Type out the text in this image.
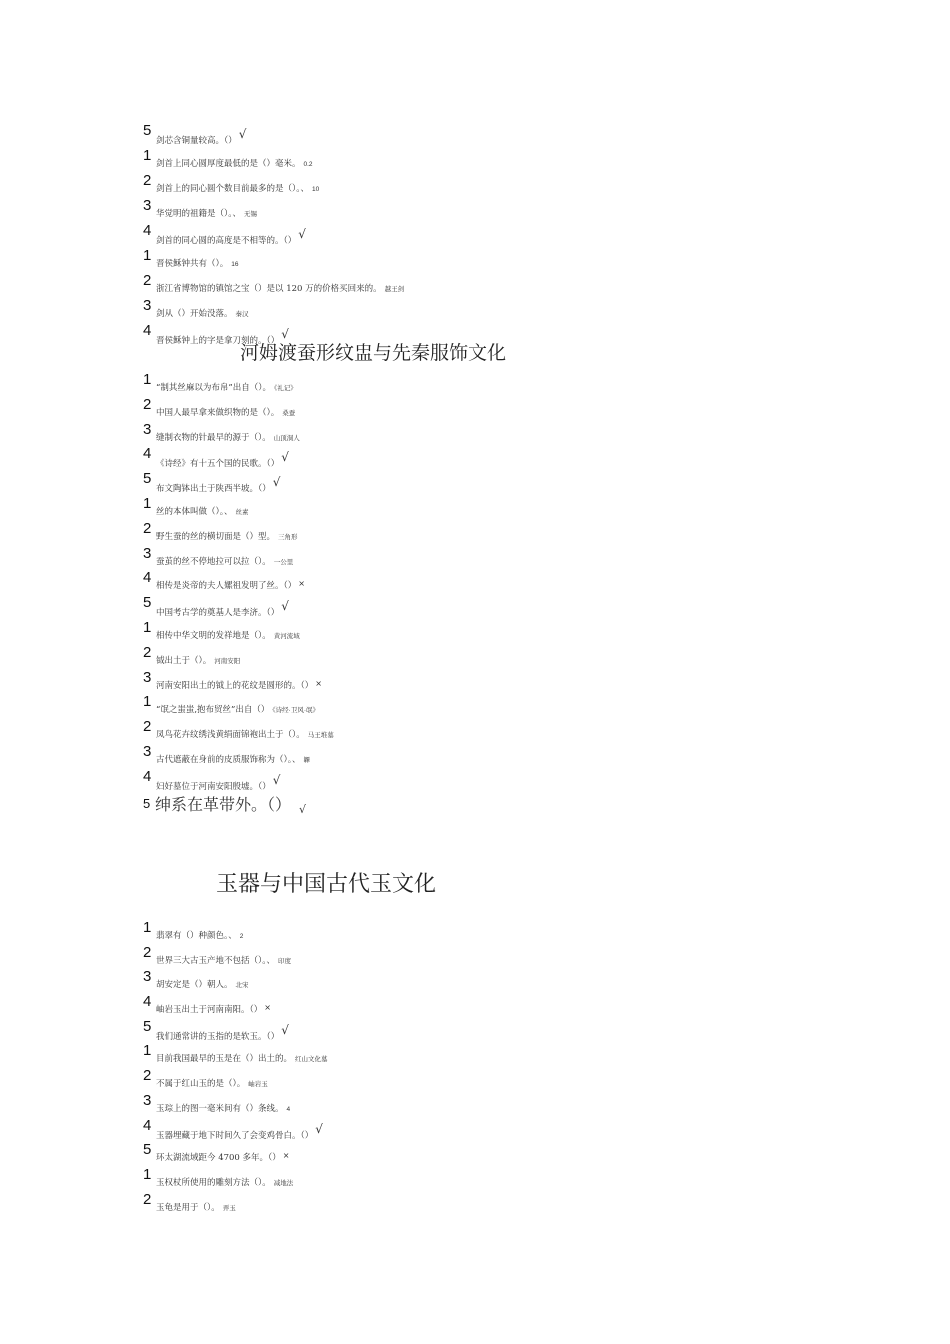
5
剑芯含铜量较高。（） √
1 剑首上同心圆厚度最低的是（）毫米。 0.2
2 剑首上的同心圆个数目前最多的是（）。、 10
3 华觉明的祖籍是（）。、 无锡
4
剑首的同心圆的高度是不相等的。（） √
1 晋侯稣钟共有（）。 16
2 浙江省博物馆的镇馆之宝（）是以 120 万的价格买回来的。 越王剑
3 剑从（）开始没落。 秦汉
4
晋侯稣钟上的字是拿刀刻的。（） √
河姆渡蚕形纹盅与先秦服饰文化
1 “制其丝麻以为布帛”出自（）。 《礼记》
2 中国人最早拿来做织物的是（）。 桑蚕
3 缝制衣物的针最早的源于（）。 山顶洞人
4
《诗经》有十五个国的民歌。（） √
5
布文陶钵出土于陕西半坡。（） √
1 丝的本体叫做（）。、 丝素
2 野生蚕的丝的横切面是（）型。 三角形
3 蚕茧的丝不停地拉可以拉（）。 一公里
4 相传是炎帝的夫人嫘祖发明了丝。（） ×
5
中国考古学的奠基人是李济。（） √
1 相传中华文明的发祥地是（）。 黄河流域
2 钺出土于（）。 河南安阳
3 河南安阳出土的钺上的花纹是圆形的。（） ×
1 “氓之蚩蚩,抱布贸丝”出自（） 《诗经·卫风·氓》
2 凤鸟花卉纹绣浅黄绢面锦袍出土于（）。 马王堆墓
3 古代遮蔽在身前的皮质服饰称为（）。、 韠
4
妇好墓位于河南安阳殷墟。（） √
5 绅系在革带外。（） √
玉器与中国古代玉文化
1 翡翠有（）种颜色。、 2
2 世界三大古玉产地不包括（）。、 印度
3 胡安定是（）朝人。 北宋
4 岫岩玉出土于河南南阳。（） ×
5
我们通常讲的玉指的是软玉。（） √
1 目前我国最早的玉是在（）出土的。 红山文化墓
2 不属于红山玉的是（）。 岫岩玉
3 玉琮上的图一毫米间有（）条线。 4
4
玉器埋藏于地下时间久了会变鸡骨白。（） √
5 环太湖流域距今 4700 多年。（） ×
1 玉权杖所使用的雕刻方法（）。 减地法
2 玉龟是用于（）。 弄玉
